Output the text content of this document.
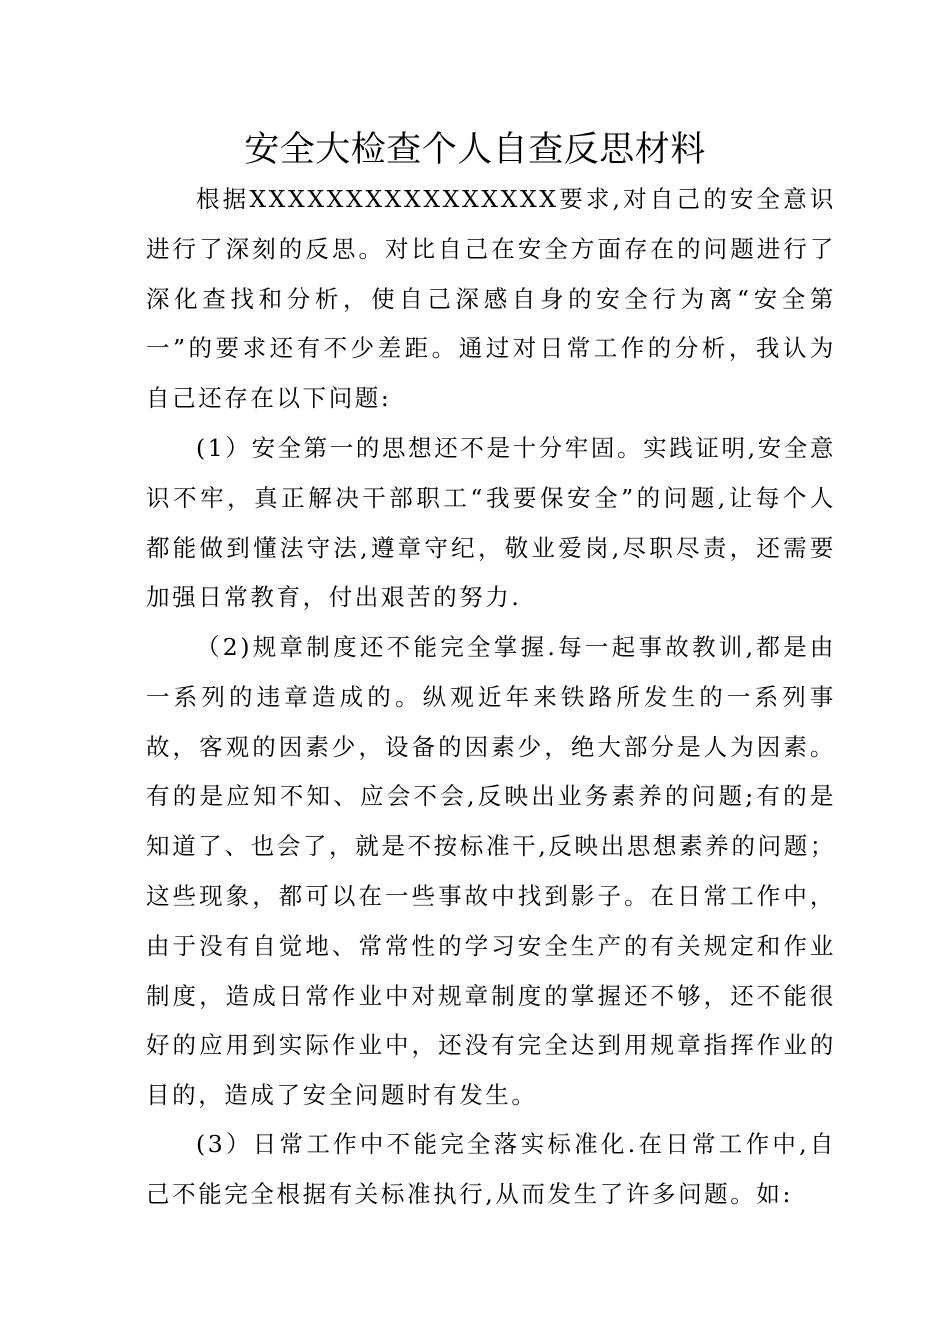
安全大检查个人自查反思材料

根据XXXXXXXXXXXXXXXX要求,对自己的安全意识进行了深刻的反思。对比自己在安全方面存在的问题进行了深化查找和分析，使自己深感自身的安全行为离“安全第一”的要求还有不少差距。通过对日常工作的分析，我认为自己还存在以下问题:

(1）安全第一的思想还不是十分牢固。实践证明,安全意识不牢，真正解决干部职工“我要保安全”的问题,让每个人都能做到懂法守法,遵章守纪，敬业爱岗,尽职尽责，还需要加强日常教育，付出艰苦的努力.

（2)规章制度还不能完全掌握.每一起事故教训,都是由一系列的违章造成的。纵观近年来铁路所发生的一系列事故，客观的因素少，设备的因素少，绝大部分是人为因素。有的是应知不知、应会不会,反映出业务素养的问题;有的是知道了、也会了，就是不按标准干,反映出思想素养的问题；这些现象，都可以在一些事故中找到影子。在日常工作中，由于没有自觉地、常常性的学习安全生产的有关规定和作业制度，造成日常作业中对规章制度的掌握还不够，还不能很好的应用到实际作业中，还没有完全达到用规章指挥作业的目的，造成了安全问题时有发生。

(3）日常工作中不能完全落实标准化.在日常工作中,自己不能完全根据有关标准执行,从而发生了许多问题。如:
